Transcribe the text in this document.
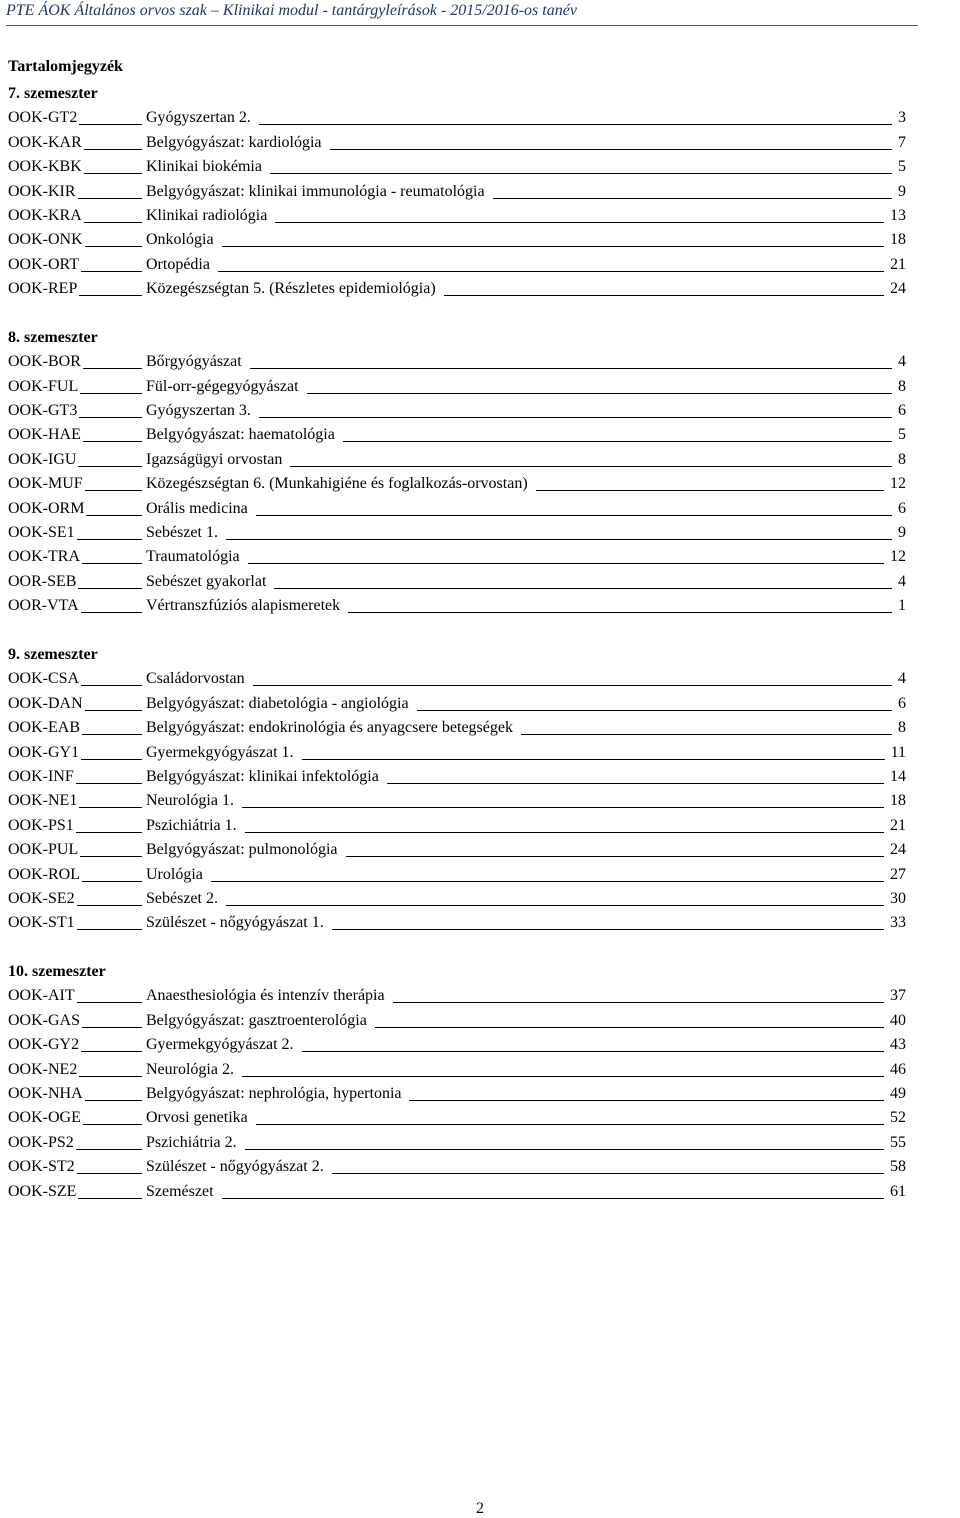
PTE ÁOK Általános orvos szak – Klinikai modul - tantárgyleírások - 2015/2016-os tanév
Tartalomjegyzék
7. szemeszter
OOK-GT2	Gyógyszertan 2.	3
OOK-KAR	Belgyógyászat: kardiológia	7
OOK-KBK	Klinikai biokémia	5
OOK-KIR	Belgyógyászat: klinikai immunológia - reumatológia	9
OOK-KRA	Klinikai radiológia	13
OOK-ONK	Onkológia	18
OOK-ORT	Ortopédia	21
OOK-REP	Közegészségtan 5. (Részletes epidemiológia)	24
8. szemeszter
OOK-BOR	Bőrgyógyászat	4
OOK-FUL	Fül-orr-gégegyógyászat	8
OOK-GT3	Gyógyszertan 3.	6
OOK-HAE	Belgyógyászat: haematológia	5
OOK-IGU	Igazságügyi orvostan	8
OOK-MUF	Közegészségtan 6. (Munkahigiéne és foglalkozás-orvostan)	12
OOK-ORM	Orális medicina	6
OOK-SE1	Sebészet 1.	9
OOK-TRA	Traumatológia	12
OOR-SEB	Sebészet gyakorlat	4
OOR-VTA	Vértranszfúziós alapismeretek	1
9. szemeszter
OOK-CSA	Családorvostan	4
OOK-DAN	Belgyógyászat: diabetológia - angiológia	6
OOK-EAB	Belgyógyászat: endokrinológia és anyagcsere betegségek	8
OOK-GY1	Gyermekgyógyászat 1.	11
OOK-INF	Belgyógyászat: klinikai infektológia	14
OOK-NE1	Neurológia 1.	18
OOK-PS1	Pszichiátria 1.	21
OOK-PUL	Belgyógyászat: pulmonológia	24
OOK-ROL	Urológia	27
OOK-SE2	Sebészet 2.	30
OOK-ST1	Szülészet - nőgyógyászat 1.	33
10. szemeszter
OOK-AIT	Anaesthesiológia és intenzív therápia	37
OOK-GAS	Belgyógyászat: gasztroenterológia	40
OOK-GY2	Gyermekgyógyászat 2.	43
OOK-NE2	Neurológia 2.	46
OOK-NHA	Belgyógyászat: nephrológia, hypertonia	49
OOK-OGE	Orvosi genetika	52
OOK-PS2	Pszichiátria 2.	55
OOK-ST2	Szülészet - nőgyógyászat 2.	58
OOK-SZE	Szemészet	61
2
